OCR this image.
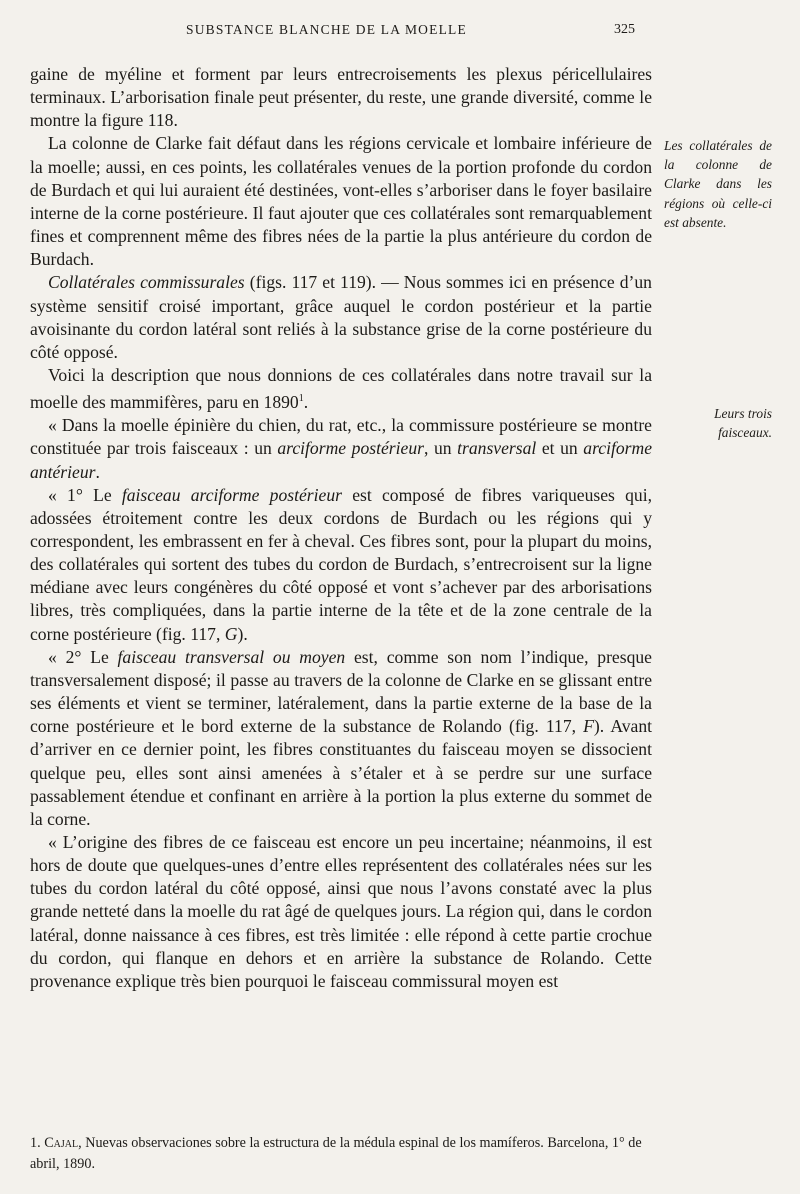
SUBSTANCE BLANCHE DE LA MOELLE	325

gaine de myéline et forment par leurs entrecroisements les plexus péricellulaires terminaux. L’arborisation finale peut présenter, du reste, une grande diversité, comme le montre la figure 118.

La colonne de Clarke fait défaut dans les régions cervicale et lombaire inférieure de la moelle; aussi, en ces points, les collatérales venues de la portion profonde du cordon de Burdach et qui lui auraient été destinées, vont-elles s’arboriser dans le foyer basilaire interne de la corne postérieure. Il faut ajouter que ces collatérales sont remarquablement fines et comprennent même des fibres nées de la partie la plus antérieure du cordon de Burdach.

Collatérales commissurales (figs. 117 et 119). — Nous sommes ici en présence d’un système sensitif croisé important, grâce auquel le cordon postérieur et la partie avoisinante du cordon latéral sont reliés à la substance grise de la corne postérieure du côté opposé.

Voici la description que nous donnions de ces collatérales dans notre travail sur la moelle des mammifères, paru en 1890$^1$.

« Dans la moelle épinière du chien, du rat, etc., la commissure postérieure se montre constituée par trois faisceaux : un arciforme postérieur, un transversal et un arciforme antérieur.

« 1° Le faisceau arciforme postérieur est composé de fibres variqueuses qui, adossées étroitement contre les deux cordons de Burdach ou les régions qui y correspondent, les embrassent en fer à cheval. Ces fibres sont, pour la plupart du moins, des collatérales qui sortent des tubes du cordon de Burdach, s’entrecroisent sur la ligne médiane avec leurs congénères du côté opposé et vont s’achever par des arborisations libres, très compliquées, dans la partie interne de la tête et de la zone centrale de la corne postérieure (fig. 117, G).

« 2° Le faisceau transversal ou moyen est, comme son nom l’indique, presque transversalement disposé; il passe au travers de la colonne de Clarke en se glissant entre ses éléments et vient se terminer, latéralement, dans la partie externe de la base de la corne postérieure et le bord externe de la substance de Rolando (fig. 117, F). Avant d’arriver en ce dernier point, les fibres constituantes du faisceau moyen se dissocient quelque peu, elles sont ainsi amenées à s’étaler et à se perdre sur une surface passablement étendue et confinant en arrière à la portion la plus externe du sommet de la corne.

« L’origine des fibres de ce faisceau est encore un peu incertaine; néanmoins, il est hors de doute que quelques-unes d’entre elles représentent des collatérales nées sur les tubes du cordon latéral du côté opposé, ainsi que nous l’avons constaté avec la plus grande netteté dans la moelle du rat âgé de quelques jours. La région qui, dans le cordon latéral, donne naissance à ces fibres, est très limitée : elle répond à cette partie crochue du cordon, qui flanque en dehors et en arrière la substance de Rolando. Cette provenance explique très bien pourquoi le faisceau commissural moyen est

Les collatérales de la colonne de Clarke dans les régions où celle-ci est absente.
Leurs trois faisceaux.
1. Cajal, Nuevas observaciones sobre la estructura de la médula espinal de los mamíferos. Barcelona, 1° de abril, 1890.
